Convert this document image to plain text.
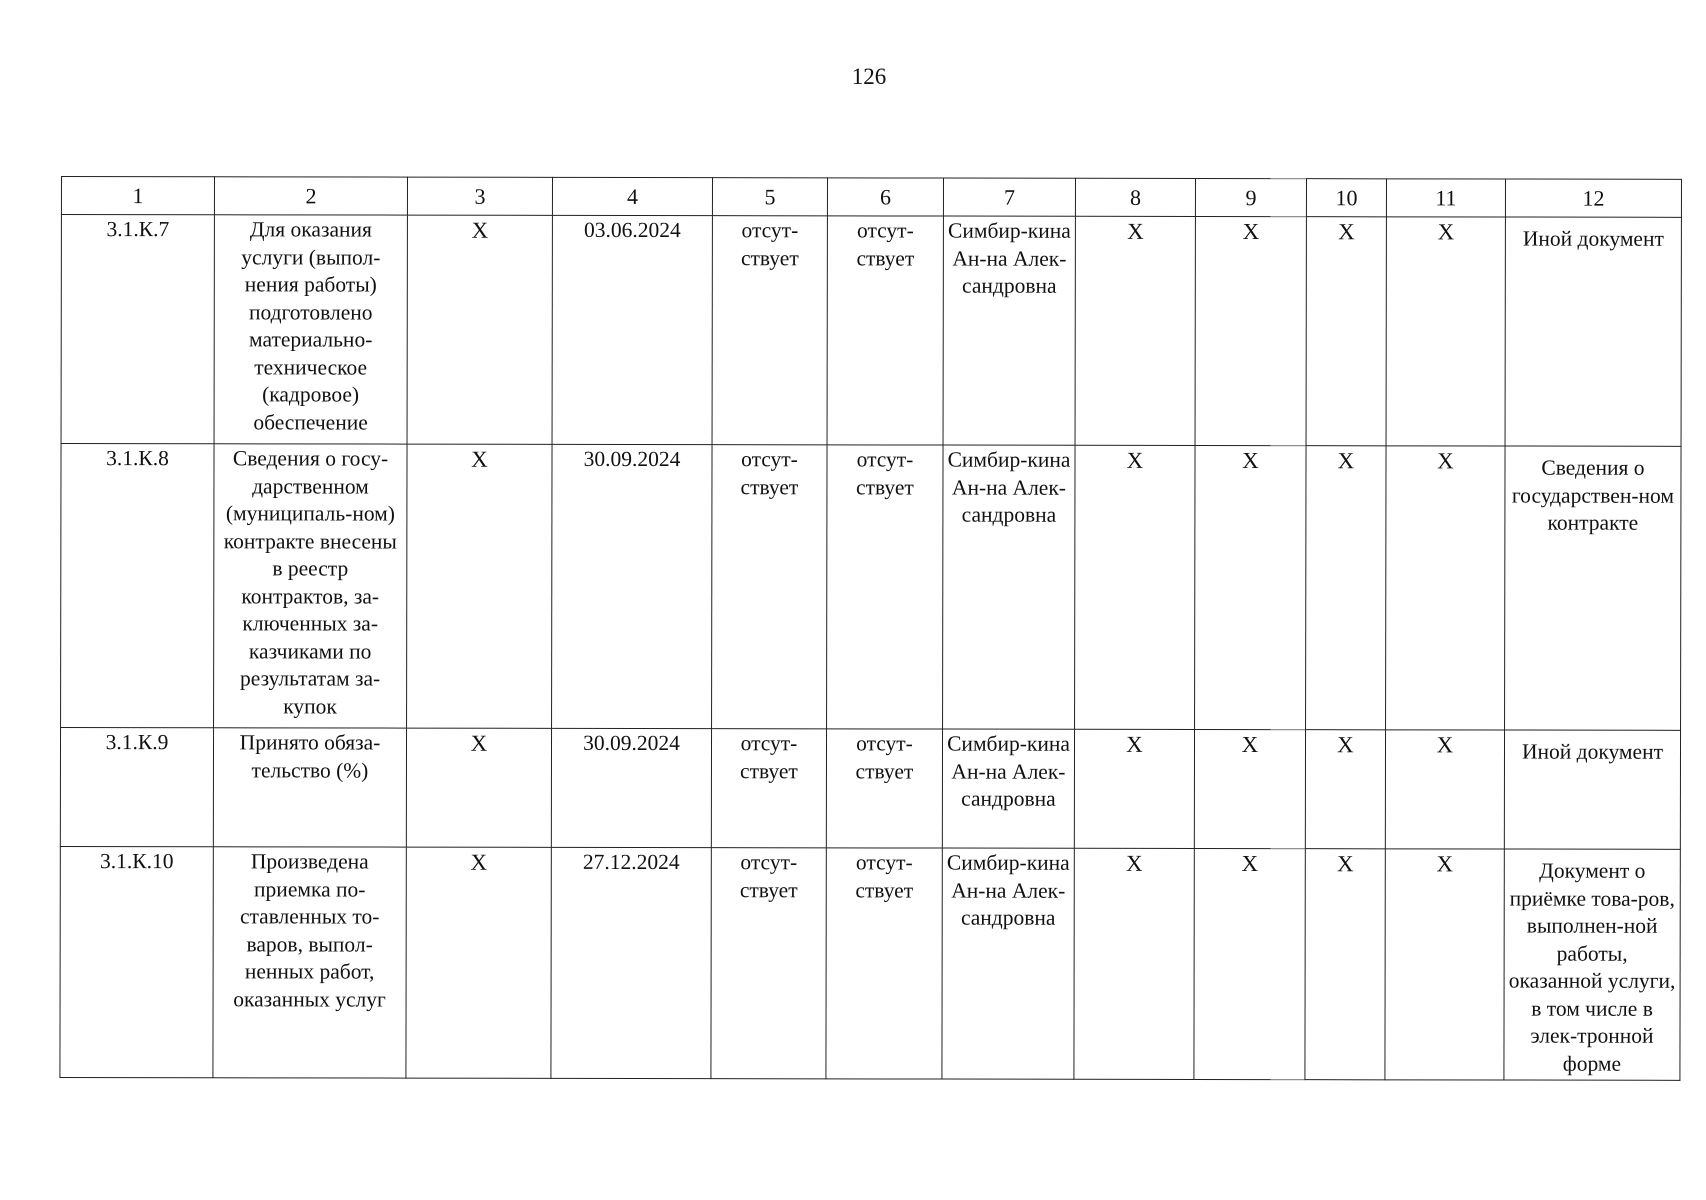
126
1	2	3	4	5	6	7	8	9	10	11	12
3.1.К.7	Для оказания услуги (выпол-нения работы) подготовлено материально-техническое (кадровое) обеспечение	Х	03.06.2024	отсут-ствует	отсут-ствует	Симбир-кина Ан-на Алек-сандровна	Х	Х	Х	Х	Иной документ
3.1.К.8	Сведения о госу-дарственном (муниципаль-ном) контракте внесены в реестр контрактов, за-ключенных за-казчиками по результатам за-купок	Х	30.09.2024	отсут-ствует	отсут-ствует	Симбир-кина Ан-на Алек-сандровна	Х	Х	Х	Х	Сведения о государствен-ном контракте
3.1.К.9	Принято обяза-тельство (%)	Х	30.09.2024	отсут-ствует	отсут-ствует	Симбир-кина Ан-на Алек-сандровна	Х	Х	Х	Х	Иной документ
3.1.К.10	Произведена приемка по-ставленных то-варов, выпол-ненных работ, оказанных услуг	Х	27.12.2024	отсут-ствует	отсут-ствует	Симбир-кина Ан-на Алек-сандровна	Х	Х	Х	Х	Документ о приёмке това-ров, выполнен-ной работы, оказанной услуги, в том числе в элек-тронной форме
